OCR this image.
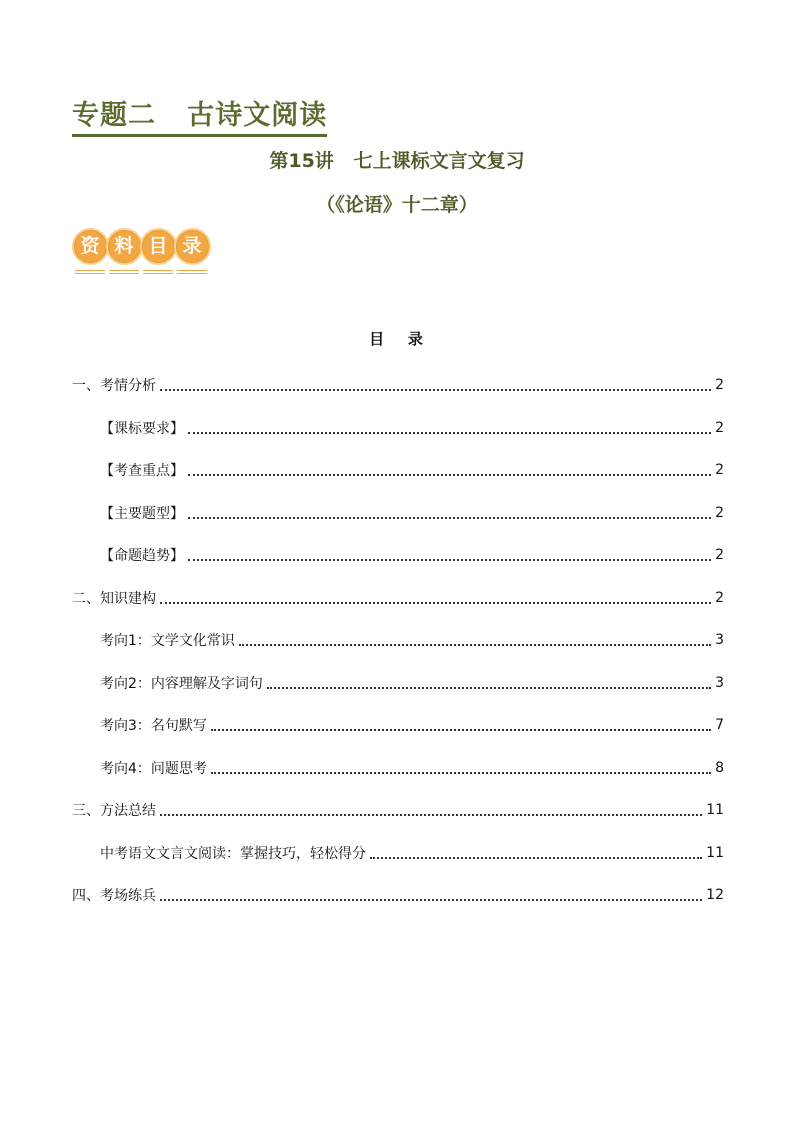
专题二   古诗文阅读
第15讲   七上课标文言文复习
（《论语》十二章）
资 料 目 录
目   录
一、考情分析	2
【课标要求】	2
【考查重点】	2
【主要题型】	2
【命题趋势】	2
二、知识建构	2
考向1：文学文化常识	3
考向2：内容理解及字词句	3
考向3：名句默写	7
考向4：问题思考	8
三、方法总结	11
中考语文文言文阅读：掌握技巧，轻松得分	11
四、考场练兵	12
